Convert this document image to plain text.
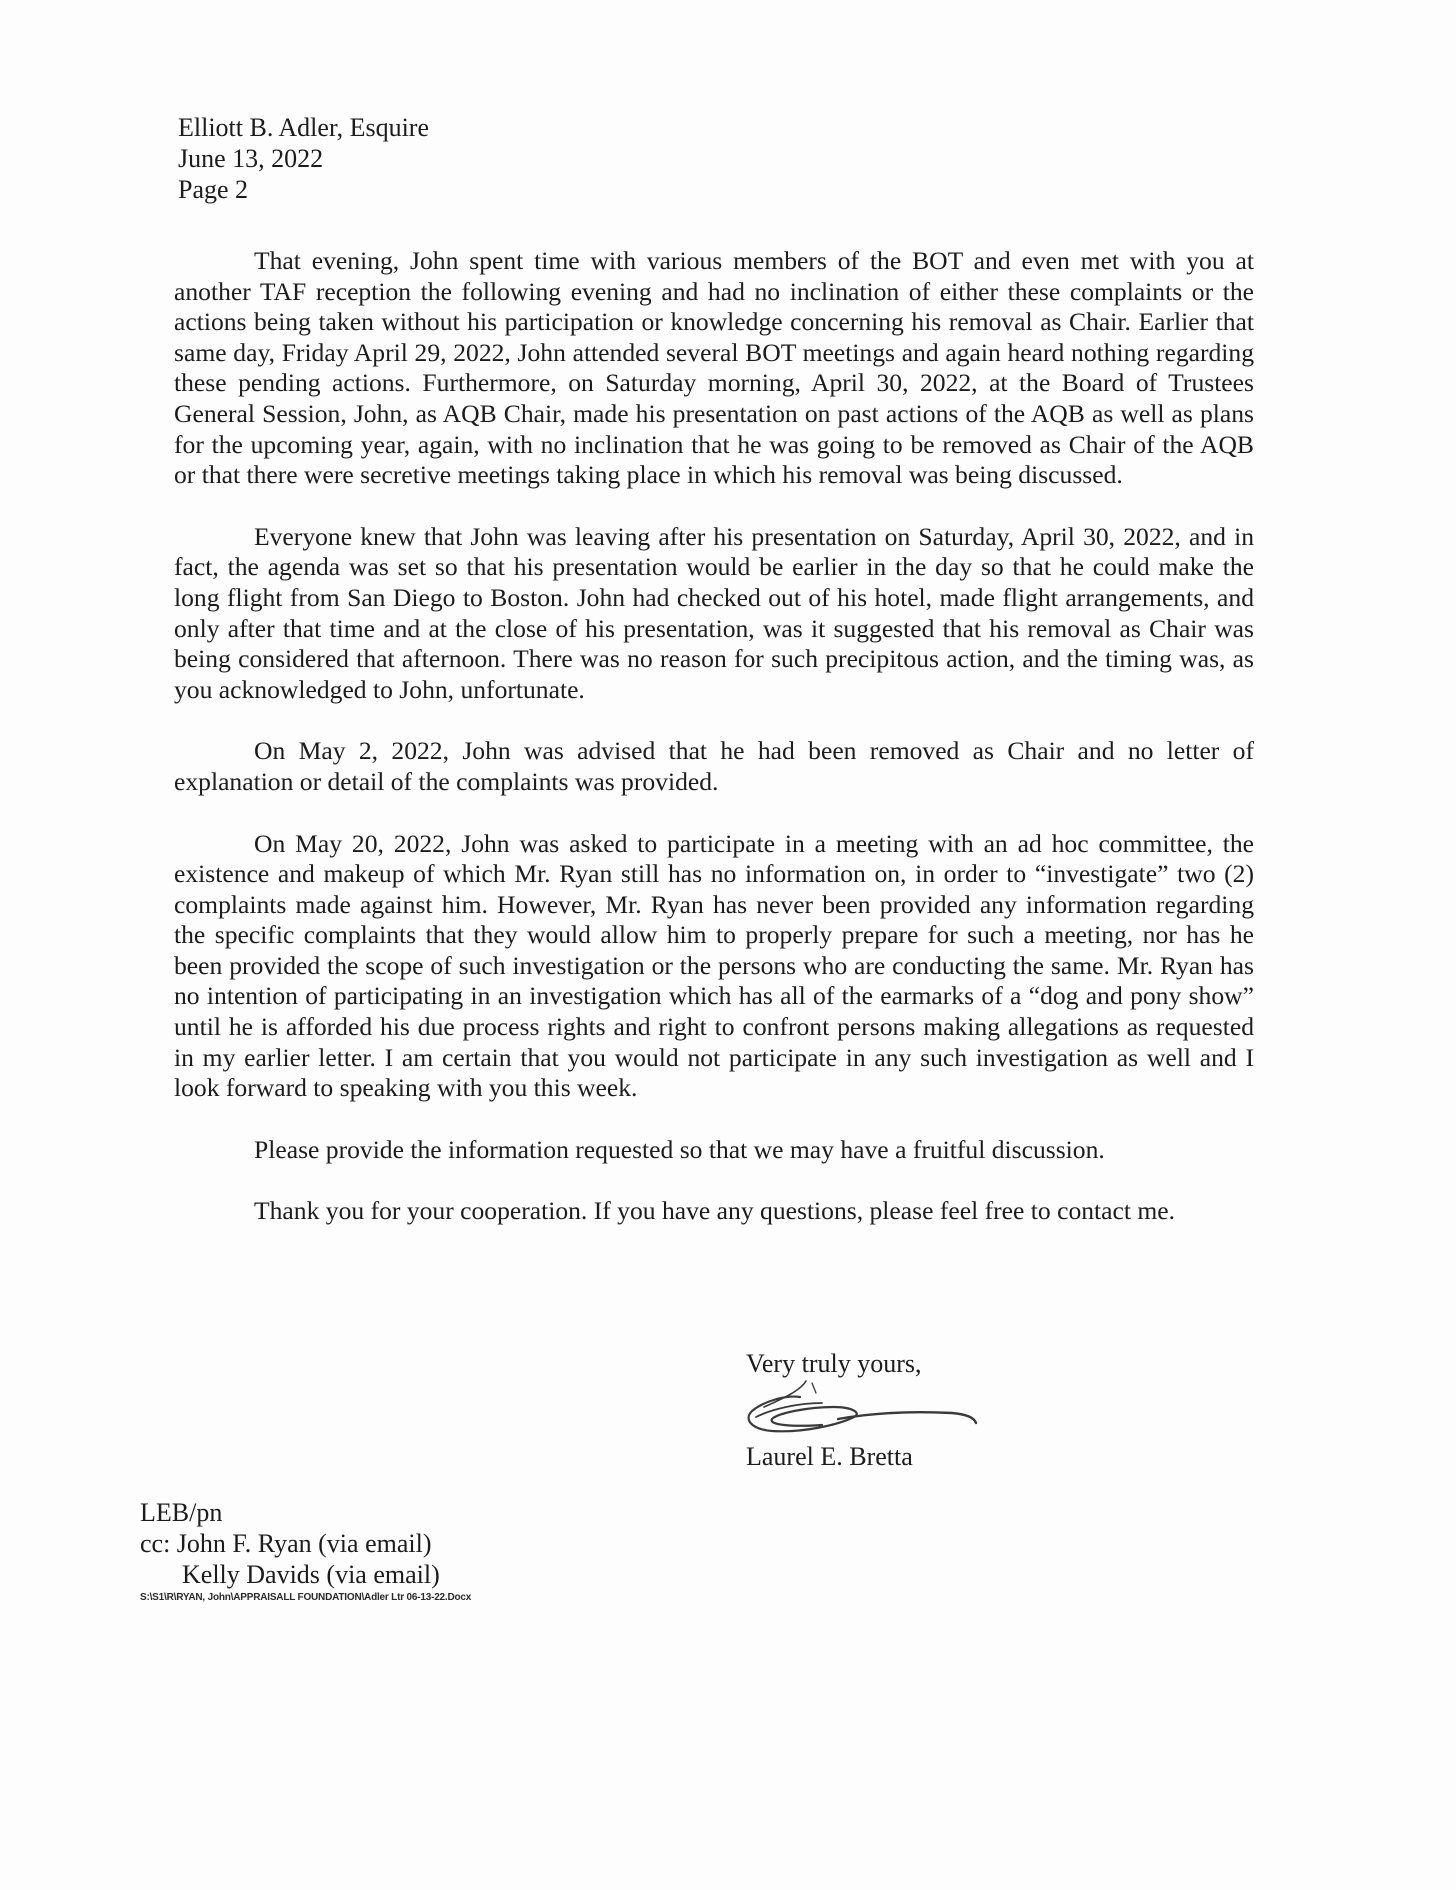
Elliott B. Adler, Esquire
June 13, 2022
Page 2

That evening, John spent time with various members of the BOT and even met with you at another TAF reception the following evening and had no inclination of either these complaints or the actions being taken without his participation or knowledge concerning his removal as Chair. Earlier that same day, Friday April 29, 2022, John attended several BOT meetings and again heard nothing regarding these pending actions. Furthermore, on Saturday morning, April 30, 2022, at the Board of Trustees General Session, John, as AQB Chair, made his presentation on past actions of the AQB as well as plans for the upcoming year, again, with no inclination that he was going to be removed as Chair of the AQB or that there were secretive meetings taking place in which his removal was being discussed.

Everyone knew that John was leaving after his presentation on Saturday, April 30, 2022, and in fact, the agenda was set so that his presentation would be earlier in the day so that he could make the long flight from San Diego to Boston. John had checked out of his hotel, made flight arrangements, and only after that time and at the close of his presentation, was it suggested that his removal as Chair was being considered that afternoon. There was no reason for such precipitous action, and the timing was, as you acknowledged to John, unfortunate.

On May 2, 2022, John was advised that he had been removed as Chair and no letter of explanation or detail of the complaints was provided.

On May 20, 2022, John was asked to participate in a meeting with an ad hoc committee, the existence and makeup of which Mr. Ryan still has no information on, in order to “investigate” two (2) complaints made against him. However, Mr. Ryan has never been provided any information regarding the specific complaints that they would allow him to properly prepare for such a meeting, nor has he been provided the scope of such investigation or the persons who are conducting the same. Mr. Ryan has no intention of participating in an investigation which has all of the earmarks of a “dog and pony show” until he is afforded his due process rights and right to confront persons making allegations as requested in my earlier letter. I am certain that you would not participate in any such investigation as well and I look forward to speaking with you this week.

Please provide the information requested so that we may have a fruitful discussion.

Thank you for your cooperation. If you have any questions, please feel free to contact me.

Very truly yours,
Laurel E. Bretta
LEB/pn
cc: John F. Ryan (via email)
Kelly Davids (via email)
S:\S1\R\RYAN, John\APPRAISALL FOUNDATION\Adler Ltr 06-13-22.Docx
